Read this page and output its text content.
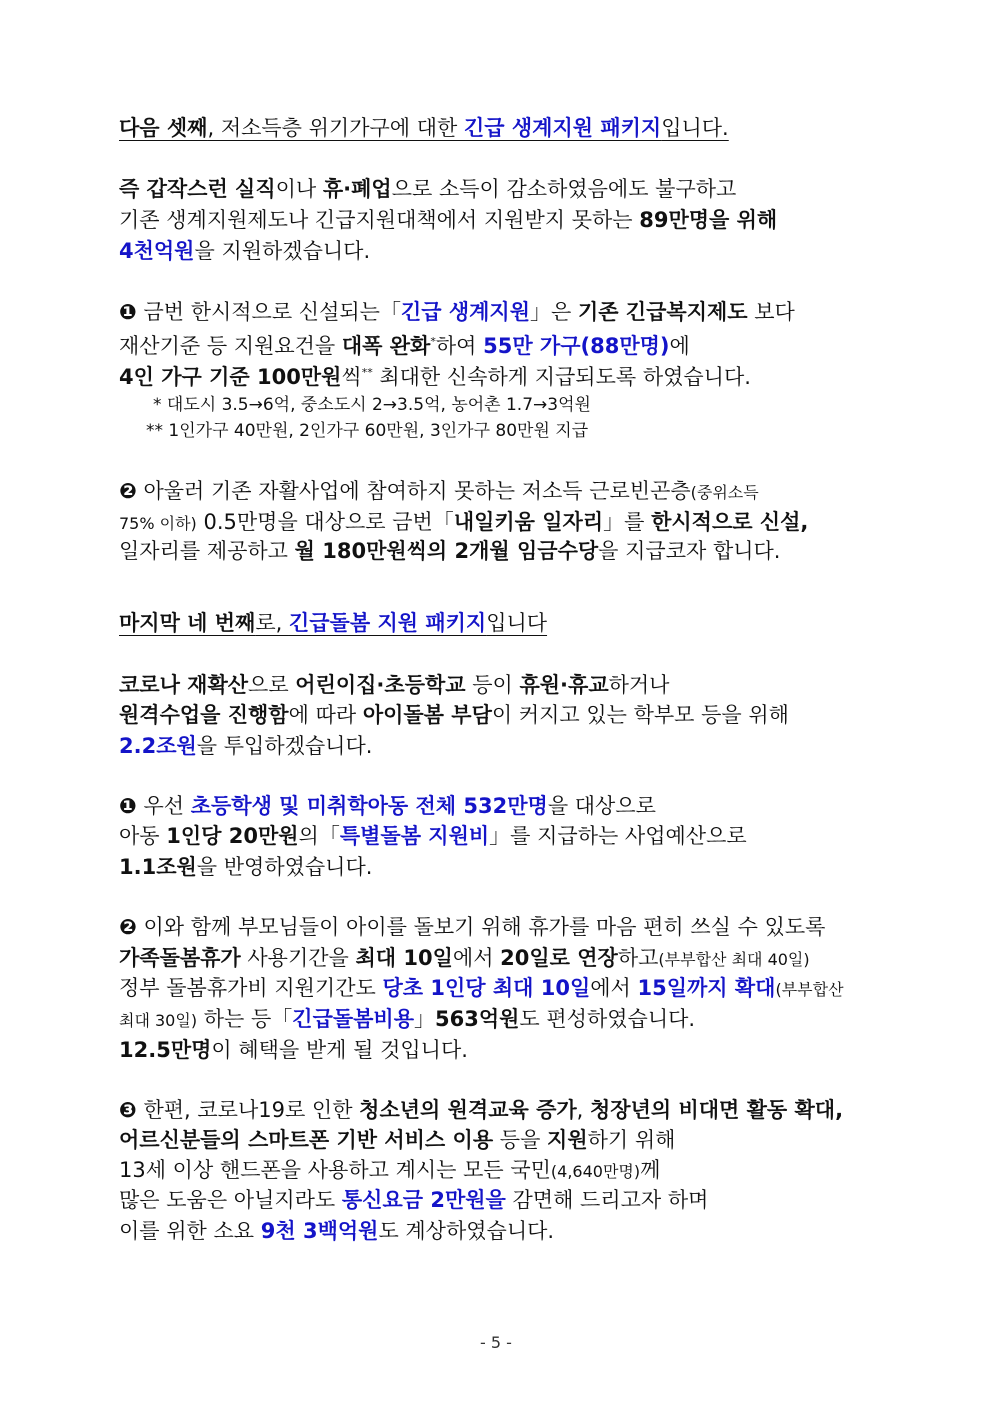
다음 셋째, 저소득층 위기가구에 대한 긴급 생계지원 패키지입니다.
즉 갑작스런 실직이나 휴·폐업으로 소득이 감소하였음에도 불구하고
기존 생계지원제도나 긴급지원대책에서 지원받지 못하는 89만명을 위해
4천억원을 지원하겠습니다.
❶ 금번 한시적으로 신설되는「긴급 생계지원」은 기존 긴급복지제도 보다
재산기준 등 지원요건을 대폭 완화*하여 55만 가구(88만명)에
4인 가구 기준 100만원씩** 최대한 신속하게 지급되도록 하였습니다.
* 대도시 3.5→6억, 중소도시 2→3.5억, 농어촌 1.7→3억원
** 1인가구 40만원, 2인가구 60만원, 3인가구 80만원 지급
❷ 아울러 기존 자활사업에 참여하지 못하는 저소득 근로빈곤층(중위소득
75% 이하) 0.5만명을 대상으로 금번「내일키움 일자리」를 한시적으로 신설,
일자리를 제공하고 월 180만원씩의 2개월 임금수당을 지급코자 합니다.
마지막 네 번째로, 긴급돌봄 지원 패키지입니다
코로나 재확산으로 어린이집·초등학교 등이 휴원·휴교하거나
원격수업을 진행함에 따라 아이돌봄 부담이 커지고 있는 학부모 등을 위해
2.2조원을 투입하겠습니다.
❶ 우선 초등학생 및 미취학아동 전체 532만명을 대상으로
아동 1인당 20만원의「특별돌봄 지원비」를 지급하는 사업예산으로
1.1조원을 반영하였습니다.
❷ 이와 함께 부모님들이 아이를 돌보기 위해 휴가를 마음 편히 쓰실 수 있도록
가족돌봄휴가 사용기간을 최대 10일에서 20일로 연장하고(부부합산 최대 40일)
정부 돌봄휴가비 지원기간도 당초 1인당 최대 10일에서 15일까지 확대(부부합산
최대 30일) 하는 등「긴급돌봄비용」563억원도 편성하였습니다.
12.5만명이 혜택을 받게 될 것입니다.
❸ 한편, 코로나19로 인한 청소년의 원격교육 증가, 청장년의 비대면 활동 확대,
어르신분들의 스마트폰 기반 서비스 이용 등을 지원하기 위해
13세 이상 핸드폰을 사용하고 계시는 모든 국민(4,640만명)께
많은 도움은 아닐지라도 통신요금 2만원을 감면해 드리고자 하며
이를 위한 소요 9천 3백억원도 계상하였습니다.
- 5 -
